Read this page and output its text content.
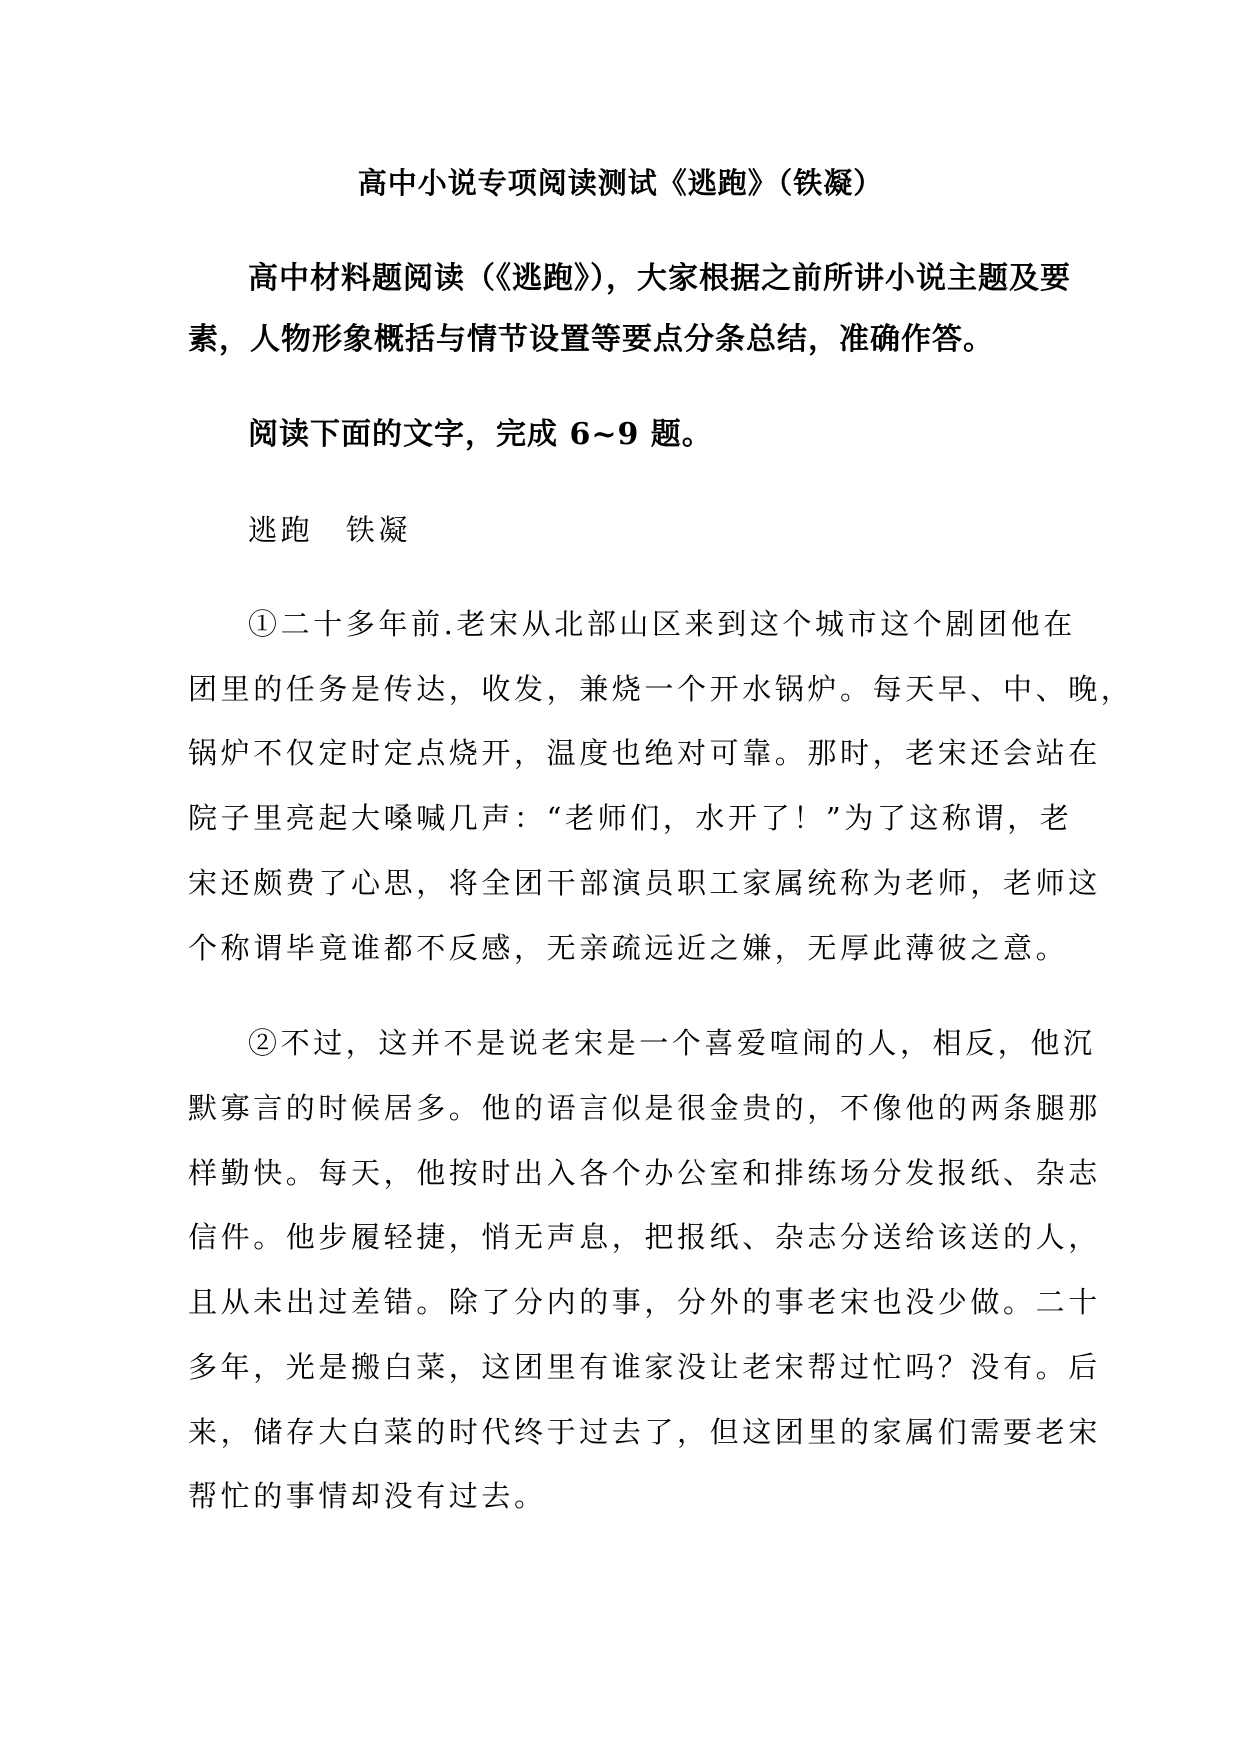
高中小说专项阅读测试《逃跑》（铁凝）
高中材料题阅读（《逃跑》），大家根据之前所讲小说主题及要
素，人物形象概括与情节设置等要点分条总结，准确作答。
阅读下面的文字，完成 6~9 题。
逃跑　铁凝
①二十多年前.老宋从北部山区来到这个城市这个剧团他在
团里的任务是传达，收发，兼烧一个开水锅炉。每天早、中、晚，
锅炉不仅定时定点烧开，温度也绝对可靠。那时，老宋还会站在
院子里亮起大嗓喊几声：“老师们，水开了！”为了这称谓，老
宋还颇费了心思，将全团干部演员职工家属统称为老师，老师这
个称谓毕竟谁都不反感，无亲疏远近之嫌，无厚此薄彼之意。
②不过，这并不是说老宋是一个喜爱喧闹的人，相反，他沉
默寡言的时候居多。他的语言似是很金贵的，不像他的两条腿那
样勤快。每天，他按时出入各个办公室和排练场分发报纸、杂志
信件。他步履轻捷，悄无声息，把报纸、杂志分送给该送的人，
且从未出过差错。除了分内的事，分外的事老宋也没少做。二十
多年，光是搬白菜，这团里有谁家没让老宋帮过忙吗？没有。后
来，储存大白菜的时代终于过去了，但这团里的家属们需要老宋
帮忙的事情却没有过去。
